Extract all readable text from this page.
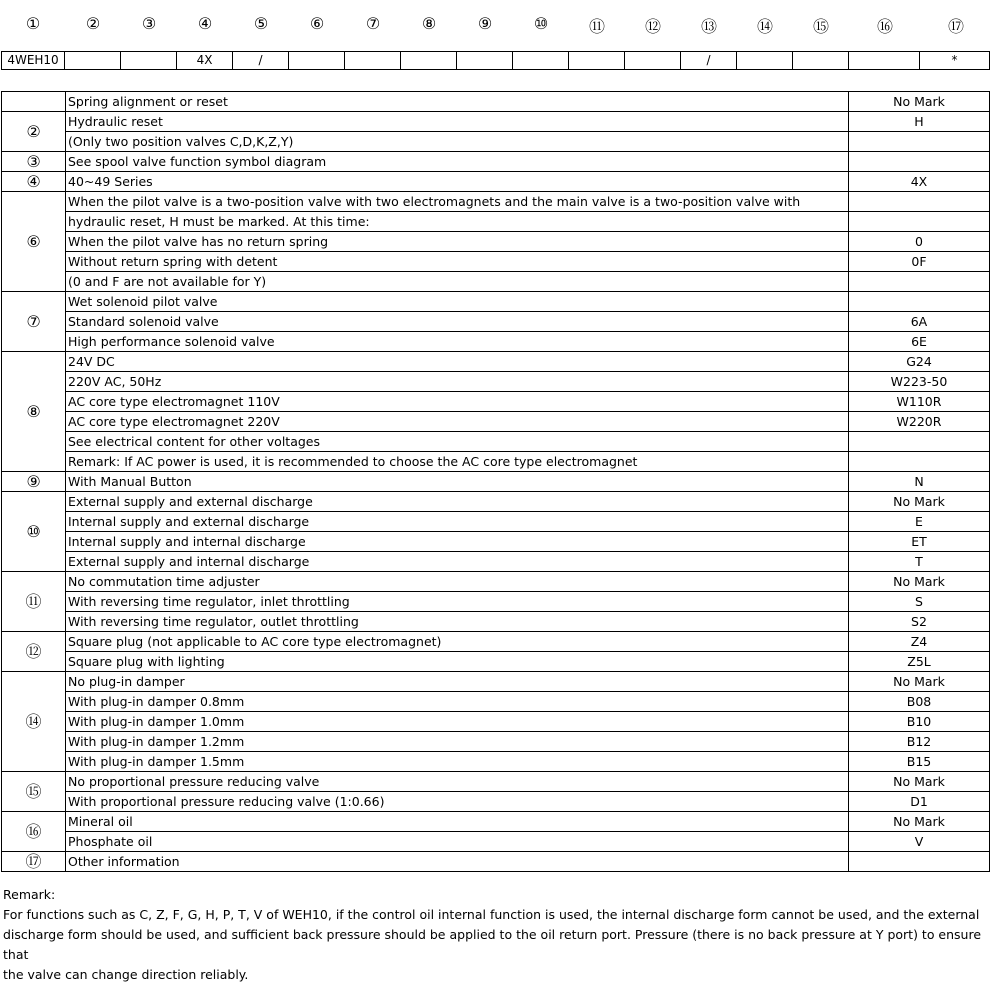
①	②	③	④	⑤	⑥	⑦	⑧	⑨	⑩	⑪ ⑫ ⑬ ⑭ ⑮	⑯	⑰
4WEH10			4X	/								/				*
	Spring alignment or reset	No Mark
②	Hydraulic reset	H
	(Only two position valves C,D,K,Z,Y)	
③	See spool valve function symbol diagram	
④	40~49 Series	4X
⑥	When the pilot valve is a two-position valve with two electromagnets and the main valve is a two-position valve with	
	hydraulic reset, H must be marked. At this time:	
	When the pilot valve has no return spring	0
	Without return spring with detent	0F
	(0 and F are not available for Y)	
⑦	Wet solenoid pilot valve	
	Standard solenoid valve	6A
	High performance solenoid valve	6E
⑧	24V DC	G24
	220V AC, 50Hz	W223-50
	AC core type electromagnet 110V	W110R
	AC core type electromagnet 220V	W220R
	See electrical content for other voltages	
	Remark: If AC power is used, it is recommended to choose the AC core type electromagnet	
⑨	With Manual Button	N
⑩	External supply and external discharge	No Mark
	Internal supply and external discharge	E
	Internal supply and internal discharge	ET
	External supply and internal discharge	T
⑪	No commutation time adjuster	No Mark
	With reversing time regulator, inlet throttling	S
	With reversing time regulator, outlet throttling	S2
⑫	Square plug (not applicable to AC core type electromagnet)	Z4
	Square plug with lighting	Z5L
⑭	No plug-in damper	No Mark
	With plug-in damper 0.8mm	B08
	With plug-in damper 1.0mm	B10
	With plug-in damper 1.2mm	B12
	With plug-in damper 1.5mm	B15
⑮	No proportional pressure reducing valve	No Mark
	With proportional pressure reducing valve (1:0.66)	D1
⑯	Mineral oil	No Mark
	Phosphate oil	V
⑰	Other information	

Remark:

For functions such as C, Z, F, G, H, P, T, V of WEH10, if the control oil internal function is used, the internal discharge form cannot be used, and the external

discharge form should be used, and sufficient back pressure should be applied to the oil return port. Pressure (there is no back pressure at Y port) to ensure that

the valve can change direction reliably.
